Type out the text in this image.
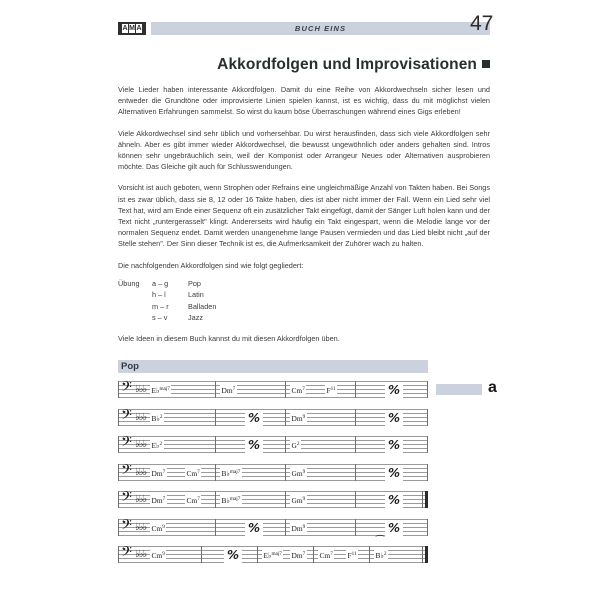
A M A	BUCH EINS	47
Akkordfolgen und Improvisationen

Viele Lieder haben interessante Akkordfolgen. Damit du eine Reihe von Akkordwechseln sicher lesen und entweder die Grundtöne oder improvisierte Linien spielen kannst, ist es wichtig, dass du mit möglichst vielen Alternativen Erfahrungen sammelst. So wirst du kaum böse Überraschungen während eines Gigs erleben!

Viele Akkordwechsel sind sehr üblich und vorhersehbar. Du wirst herausfinden, dass sich viele Akkordfolgen sehr ähneln. Aber es gibt immer wieder Akkordwechsel, die bewusst ungewöhnlich oder anders gehalten sind. Intros können sehr ungebräuchlich sein, weil der Komponist oder Arrangeur Neues oder Alternativen ausprobieren möchte. Das Gleiche gilt auch für Schlusswendungen.

Vorsicht ist auch geboten, wenn Strophen oder Refrains eine ungleichmäßige Anzahl von Takten haben. Bei Songs ist es zwar üblich, dass sie 8, 12 oder 16 Takte haben, dies ist aber nicht immer der Fall. Wenn ein Lied sehr viel Text hat, wird am Ende einer Sequenz oft ein zusätzlicher Takt eingefügt, damit der Sänger Luft holen kann und der Text nicht „runtergerasselt" klingt. Andererseits wird häufig ein Takt eingespart, wenn die Melodie lange vor der normalen Sequenz endet. Damit werden unangenehme lange Pausen vermieden und das Lied bleibt nicht „auf der Stelle stehen". Der Sinn dieser Technik ist es, die Aufmerksamkeit der Zuhörer wach zu halten.

Die nachfolgenden Akkordfolgen sind wie folgt gegliedert:
Übung	a – g	Pop
	h – l	Latin
	m – r	Balladen
	s – v	Jazz
Viele Ideen in diesem Buch kannst du mit diesen Akkordfolgen üben.
Pop
𝄢 ♭♭♭ E♭$^{maj7}$	Dm$^7$	Cm$^7$	$F^{11}$	%	a
𝄢 ♭♭♭ B♭$^2$	%	Dm$^9$	%
𝄢 ♭♭♭ E♭$^2$	%	$G^2$	%
𝄢 ♭♭♭ Dm$^7$	Cm$^7$	B♭$^{maj7}$	Gm$^9$	%
𝄢 ♭♭♭ Dm$^7$	Cm$^7$	B♭$^{maj7}$	Gm$^9$	%
𝄢 ♭♭♭ Cm$^9$	%	Dm$^9$	%
𝄢 ♭♭♭ Cm$^9$	%	E♭$^{maj7}$ Dm$^7$ Cm$^7$ $F^{11}$	B♭$^2$
⁀
